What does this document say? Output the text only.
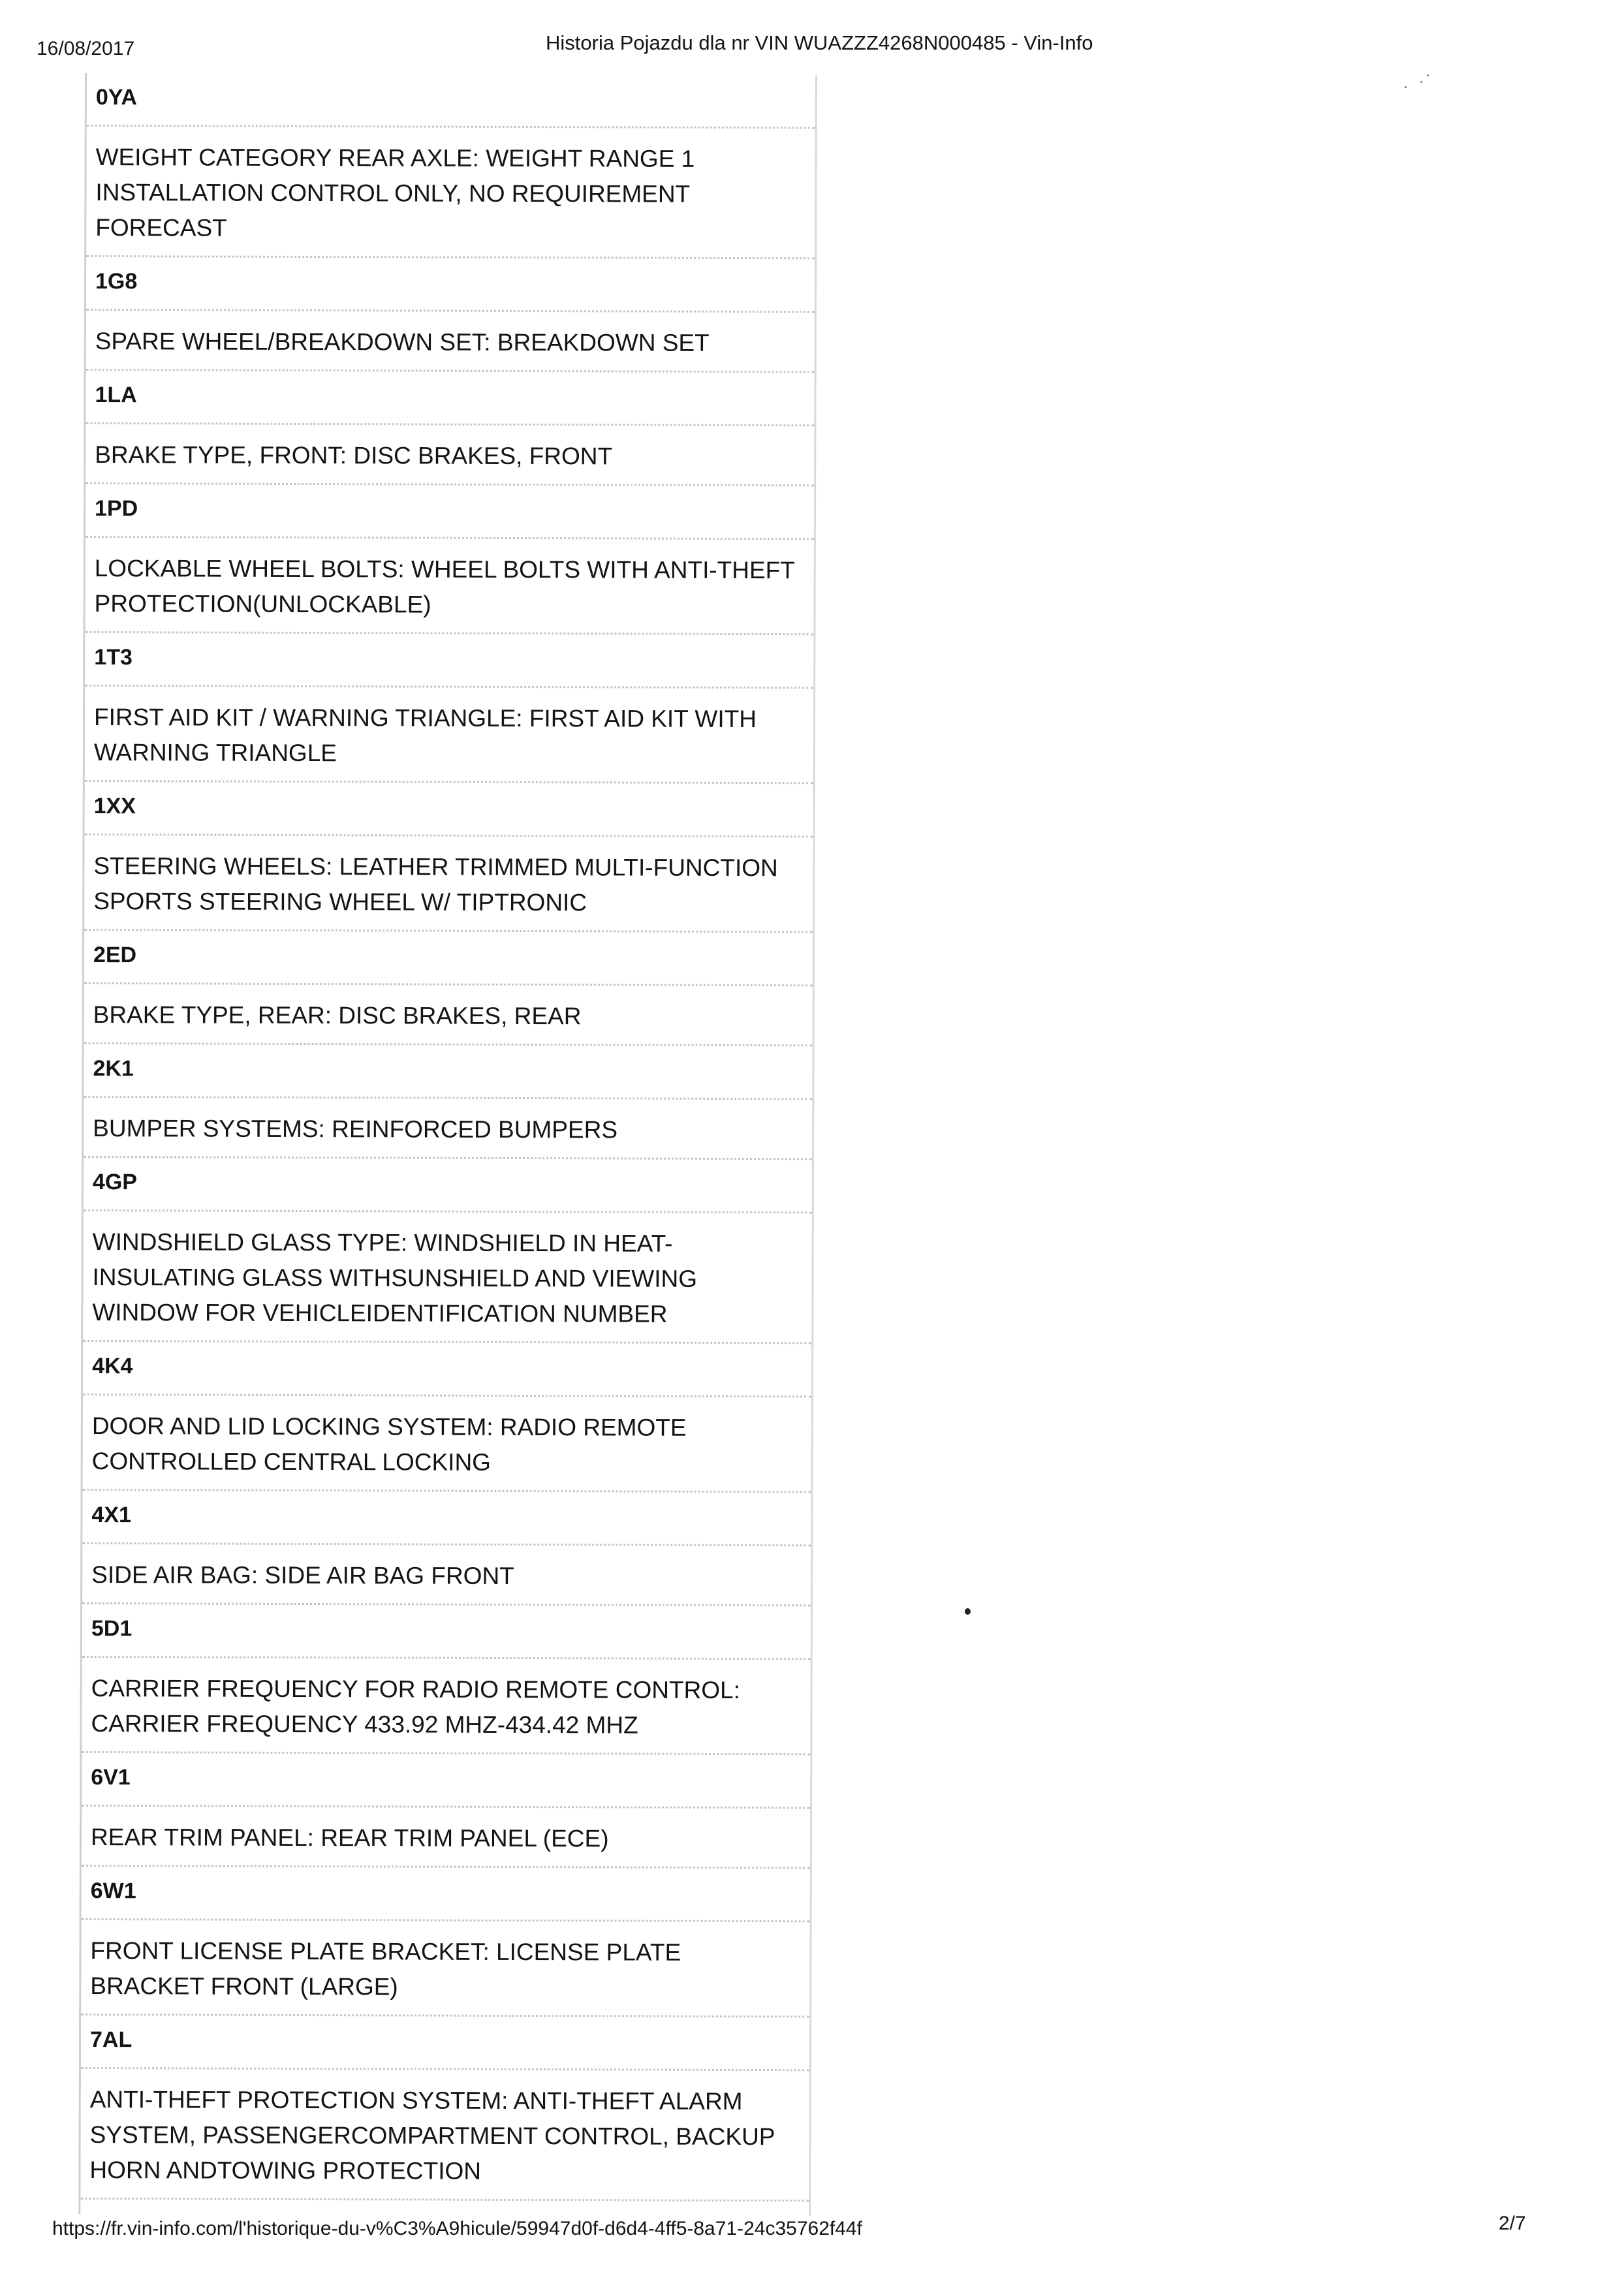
16/08/2017	Historia Pojazdu dla nr VIN WUAZZZ4268N000485 - Vin-Info
0YA
WEIGHT CATEGORY REAR AXLE: WEIGHT RANGE 1 INSTALLATION CONTROL ONLY, NO REQUIREMENT FORECAST
1G8
SPARE WHEEL/BREAKDOWN SET: BREAKDOWN SET
1LA
BRAKE TYPE, FRONT: DISC BRAKES, FRONT
1PD
LOCKABLE WHEEL BOLTS: WHEEL BOLTS WITH ANTI-THEFT PROTECTION(UNLOCKABLE)
1T3
FIRST AID KIT / WARNING TRIANGLE: FIRST AID KIT WITH WARNING TRIANGLE
1XX
STEERING WHEELS: LEATHER TRIMMED MULTI-FUNCTION SPORTS STEERING WHEEL W/ TIPTRONIC
2ED
BRAKE TYPE, REAR: DISC BRAKES, REAR
2K1
BUMPER SYSTEMS: REINFORCED BUMPERS
4GP
WINDSHIELD GLASS TYPE: WINDSHIELD IN HEAT-INSULATING GLASS WITHSUNSHIELD AND VIEWING WINDOW FOR VEHICLEIDENTIFICATION NUMBER
4K4
DOOR AND LID LOCKING SYSTEM: RADIO REMOTE CONTROLLED CENTRAL LOCKING
4X1
SIDE AIR BAG: SIDE AIR BAG FRONT
5D1
CARRIER FREQUENCY FOR RADIO REMOTE CONTROL: CARRIER FREQUENCY 433.92 MHZ-434.42 MHZ
6V1
REAR TRIM PANEL: REAR TRIM PANEL (ECE)
6W1
FRONT LICENSE PLATE BRACKET: LICENSE PLATE BRACKET FRONT (LARGE)
7AL
ANTI-THEFT PROTECTION SYSTEM: ANTI-THEFT ALARM SYSTEM, PASSENGERCOMPARTMENT CONTROL, BACKUP HORN ANDTOWING PROTECTION
https://fr.vin-info.com/l'historique-du-v%C3%A9hicule/59947d0f-d6d4-4ff5-8a71-24c35762f44f	2/7
